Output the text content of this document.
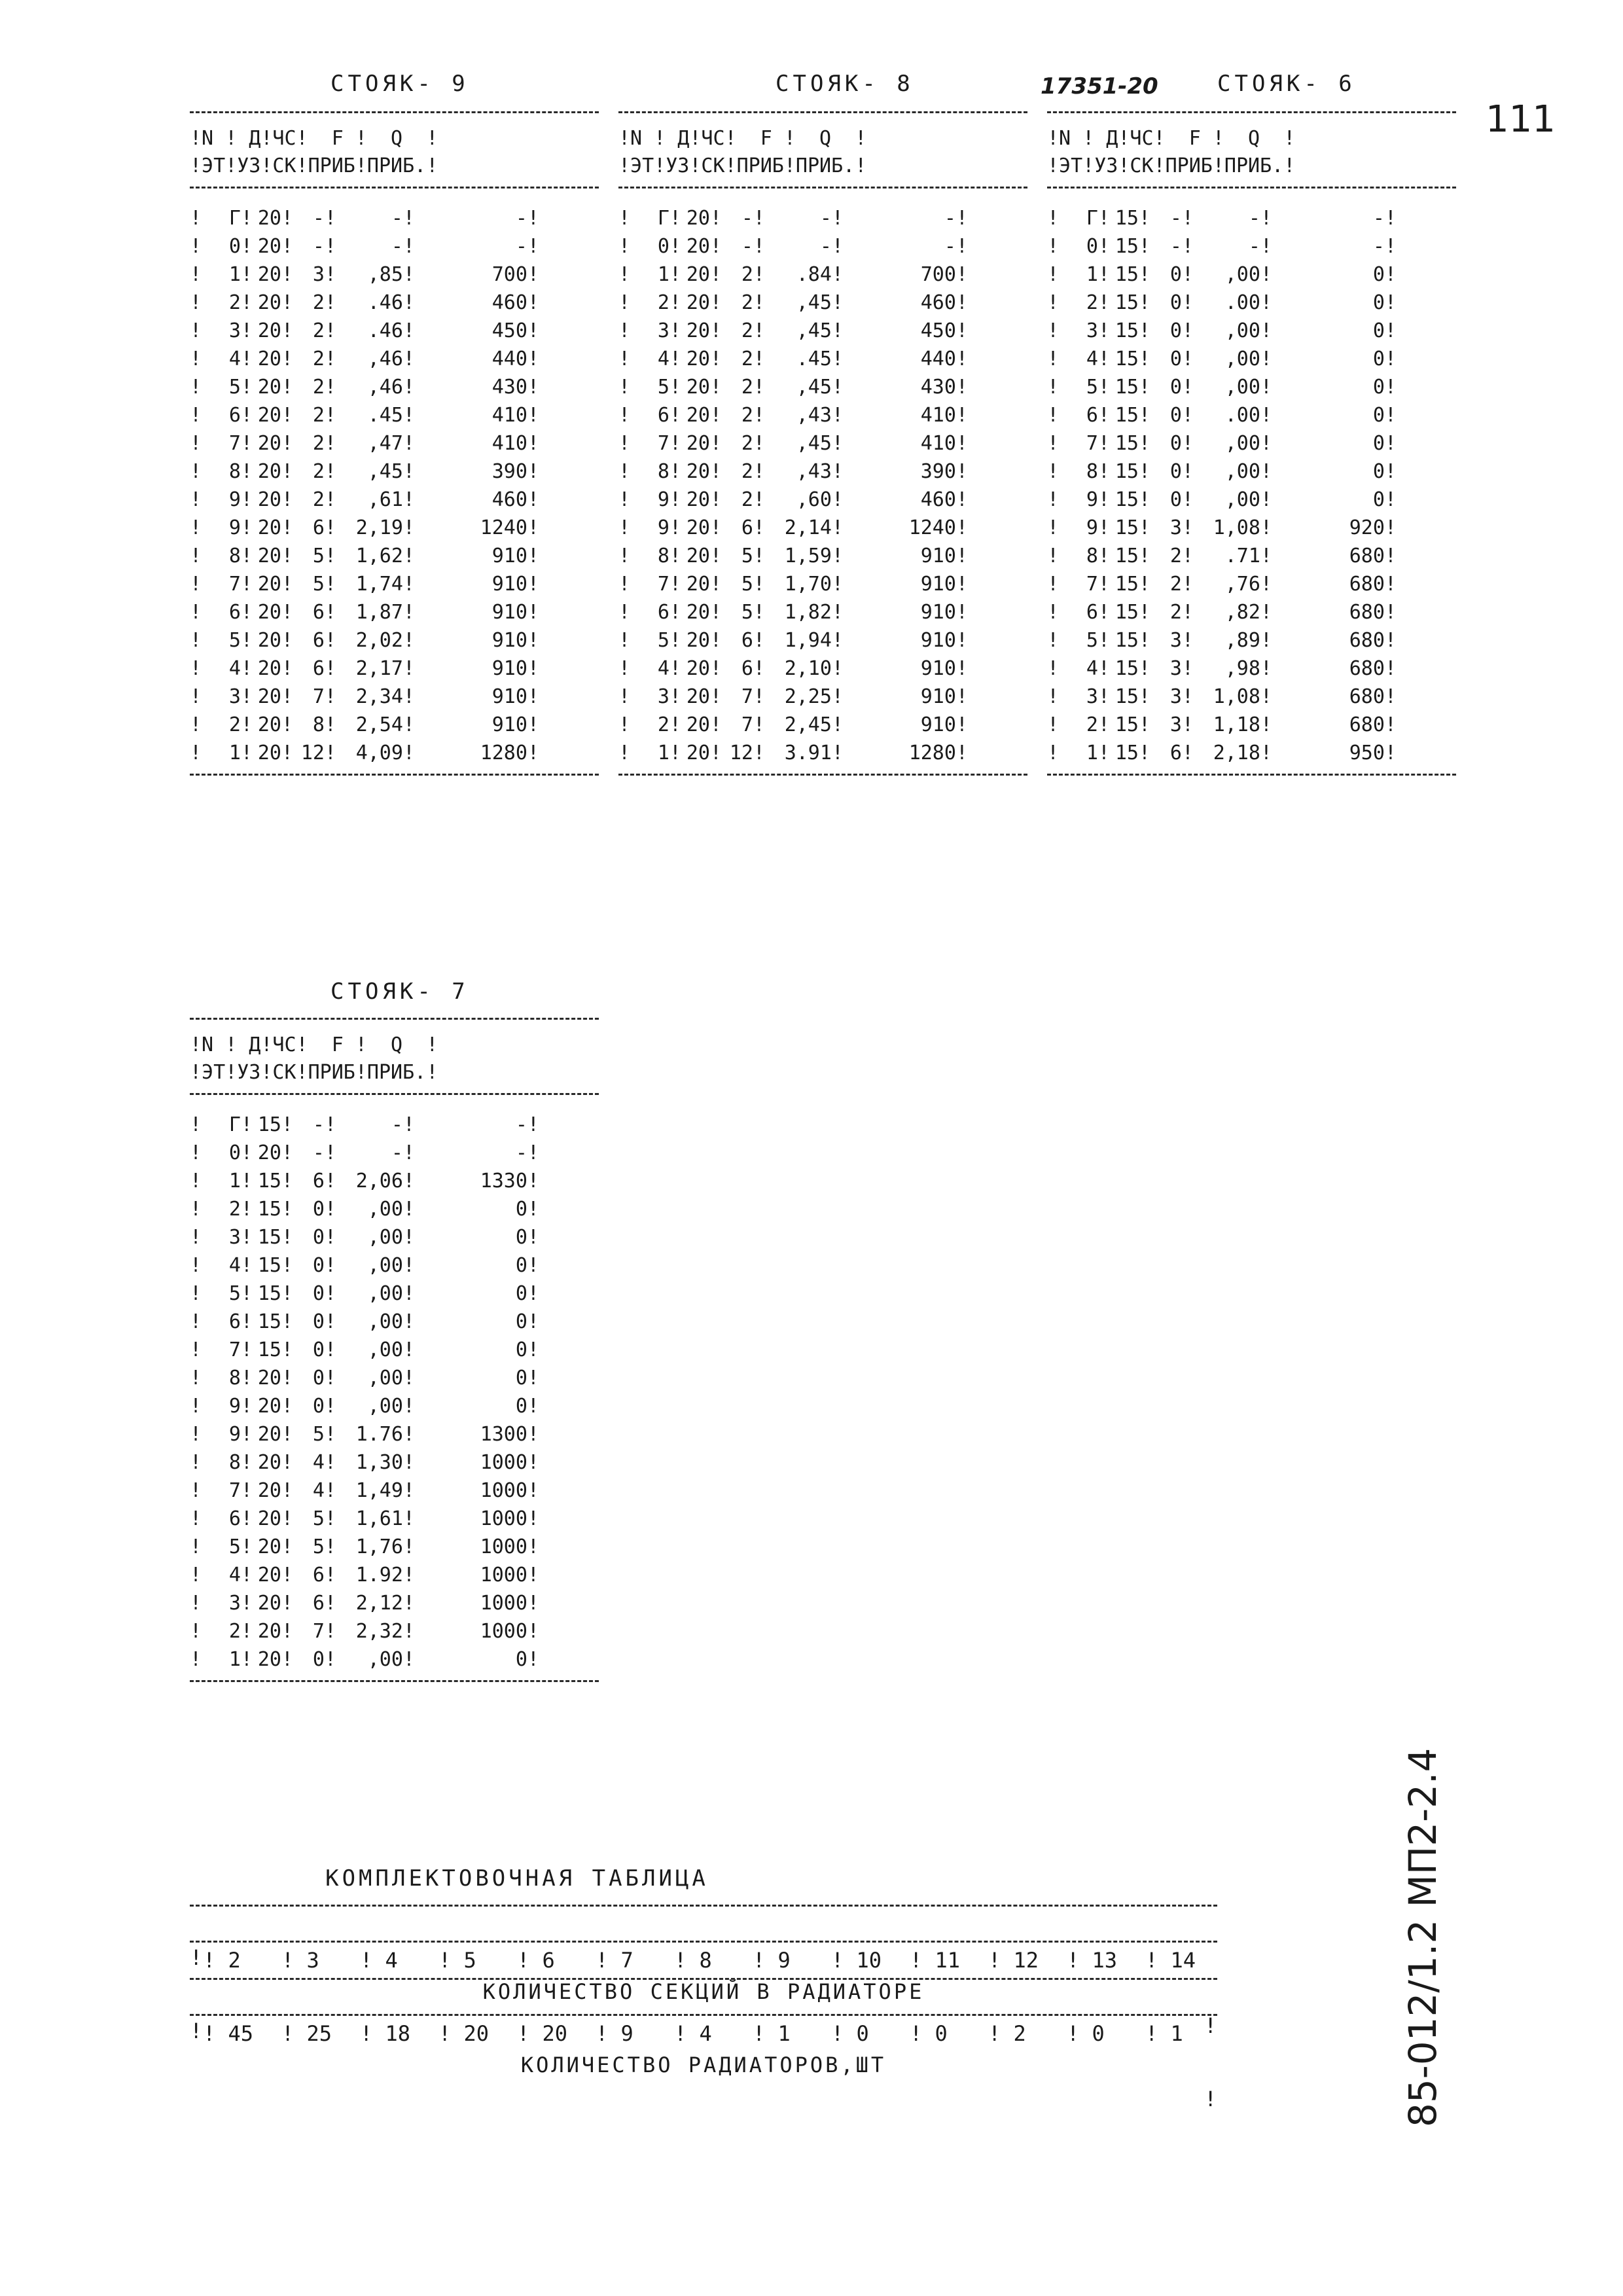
17351-20
111
СТОЯК- 9
!N ! Д!ЧС!  F !  Q  !
!ЭТ!УЗ!СК!ПРИБ!ПРИБ.!
!	Г! 20! -!	-!	-!
!	0! 20! -!	-!	-!
!	1! 20! 3!	,85!	700!
!	2! 20! 2!	.46!	460!
!	3! 20! 2!	.46!	450!
!	4! 20! 2!	,46!	440!
!	5! 20! 2!	,46!	430!
!	6! 20! 2!	.45!	410!
!	7! 20! 2!	,47!	410!
!	8! 20! 2!	,45!	390!
!	9! 20! 2!	,61!	460!
!	9! 20! 6! 2,19!	1240!
!	8! 20! 5! 1,62!	910!
!	7! 20! 5! 1,74!	910!
!	6! 20! 6! 1,87!	910!
!	5! 20! 6! 2,02!	910!
!	4! 20! 6! 2,17!	910!
!	3! 20! 7! 2,34!	910!
!	2! 20! 8! 2,54!	910!
!	1! 20! 12! 4,09!	1280!
СТОЯК- 8
!N ! Д!ЧС!  F !  Q  !
!ЭТ!УЗ!СК!ПРИБ!ПРИБ.!
!	Г! 20! -!	-!	-!
!	0! 20! -!	-!	-!
!	1! 20! 2!	.84!	700!
!	2! 20! 2!	,45!	460!
!	3! 20! 2!	,45!	450!
!	4! 20! 2!	.45!	440!
!	5! 20! 2!	,45!	430!
!	6! 20! 2!	,43!	410!
!	7! 20! 2!	,45!	410!
!	8! 20! 2!	,43!	390!
!	9! 20! 2!	,60!	460!
!	9! 20! 6! 2,14!	1240!
!	8! 20! 5! 1,59!	910!
!	7! 20! 5! 1,70!	910!
!	6! 20! 5! 1,82!	910!
!	5! 20! 6! 1,94!	910!
!	4! 20! 6! 2,10!	910!
!	3! 20! 7! 2,25!	910!
!	2! 20! 7! 2,45!	910!
!	1! 20! 12! 3.91!	1280!
СТОЯК- 6
!N ! Д!ЧС!  F !  Q  !
!ЭТ!УЗ!СК!ПРИБ!ПРИБ.!
!	Г! 15! -!	-!	-!
!	0! 15! -!	-!	-!
!	1! 15! 0!	,00!	0!
!	2! 15! 0!	.00!	0!
!	3! 15! 0!	,00!	0!
!	4! 15! 0!	,00!	0!
!	5! 15! 0!	,00!	0!
!	6! 15! 0!	.00!	0!
!	7! 15! 0!	,00!	0!
!	8! 15! 0!	,00!	0!
!	9! 15! 0!	,00!	0!
!	9! 15! 3! 1,08!	920!
!	8! 15! 2!	.71!	680!
!	7! 15! 2!	,76!	680!
!	6! 15! 2!	,82!	680!
!	5! 15! 3!	,89!	680!
!	4! 15! 3!	,98!	680!
!	3! 15! 3! 1,08!	680!
!	2! 15! 3! 1,18!	680!
!	1! 15! 6! 2,18!	950!
СТОЯК- 7
!N ! Д!ЧС!  F !  Q  !
!ЭТ!УЗ!СК!ПРИБ!ПРИБ.!
!	Г! 15! -!	-!	-!
!	0! 20! -!	-!	-!
!	1! 15! 6! 2,06!	1330!
!	2! 15! 0!	,00!	0!
!	3! 15! 0!	,00!	0!
!	4! 15! 0!	,00!	0!
!	5! 15! 0!	,00!	0!
!	6! 15! 0!	,00!	0!
!	7! 15! 0!	,00!	0!
!	8! 20! 0!	,00!	0!
!	9! 20! 0!	,00!	0!
!	9! 20! 5! 1.76!	1300!
!	8! 20! 4! 1,30!	1000!
!	7! 20! 4! 1,49!	1000!
!	6! 20! 5! 1,61!	1000!
!	5! 20! 5! 1,76!	1000!
!	4! 20! 6! 1.92!	1000!
!	3! 20! 6! 2,12!	1000!
!	2! 20! 7! 2,32!	1000!
!	1! 20! 0!	,00!	0!
КОМПЛЕКТОВОЧНАЯ ТАБЛИЦА

!

КОЛИЧЕСТВО СЕКЦИЙ В РАДИАТОРЕ

!

! 2	! 3	! 4	! 5	! 6	! 7	! 8	! 9	! 10	! 11	! 12	! 13	! 14

!

КОЛИЧЕСТВО РАДИАТОРОВ,ШТ

!

! 45	! 25	! 18	! 20	! 20	! 9	! 4	! 1	! 0	! 0	! 2	! 0	! 1	85-012/1.2 МП2-2.4
